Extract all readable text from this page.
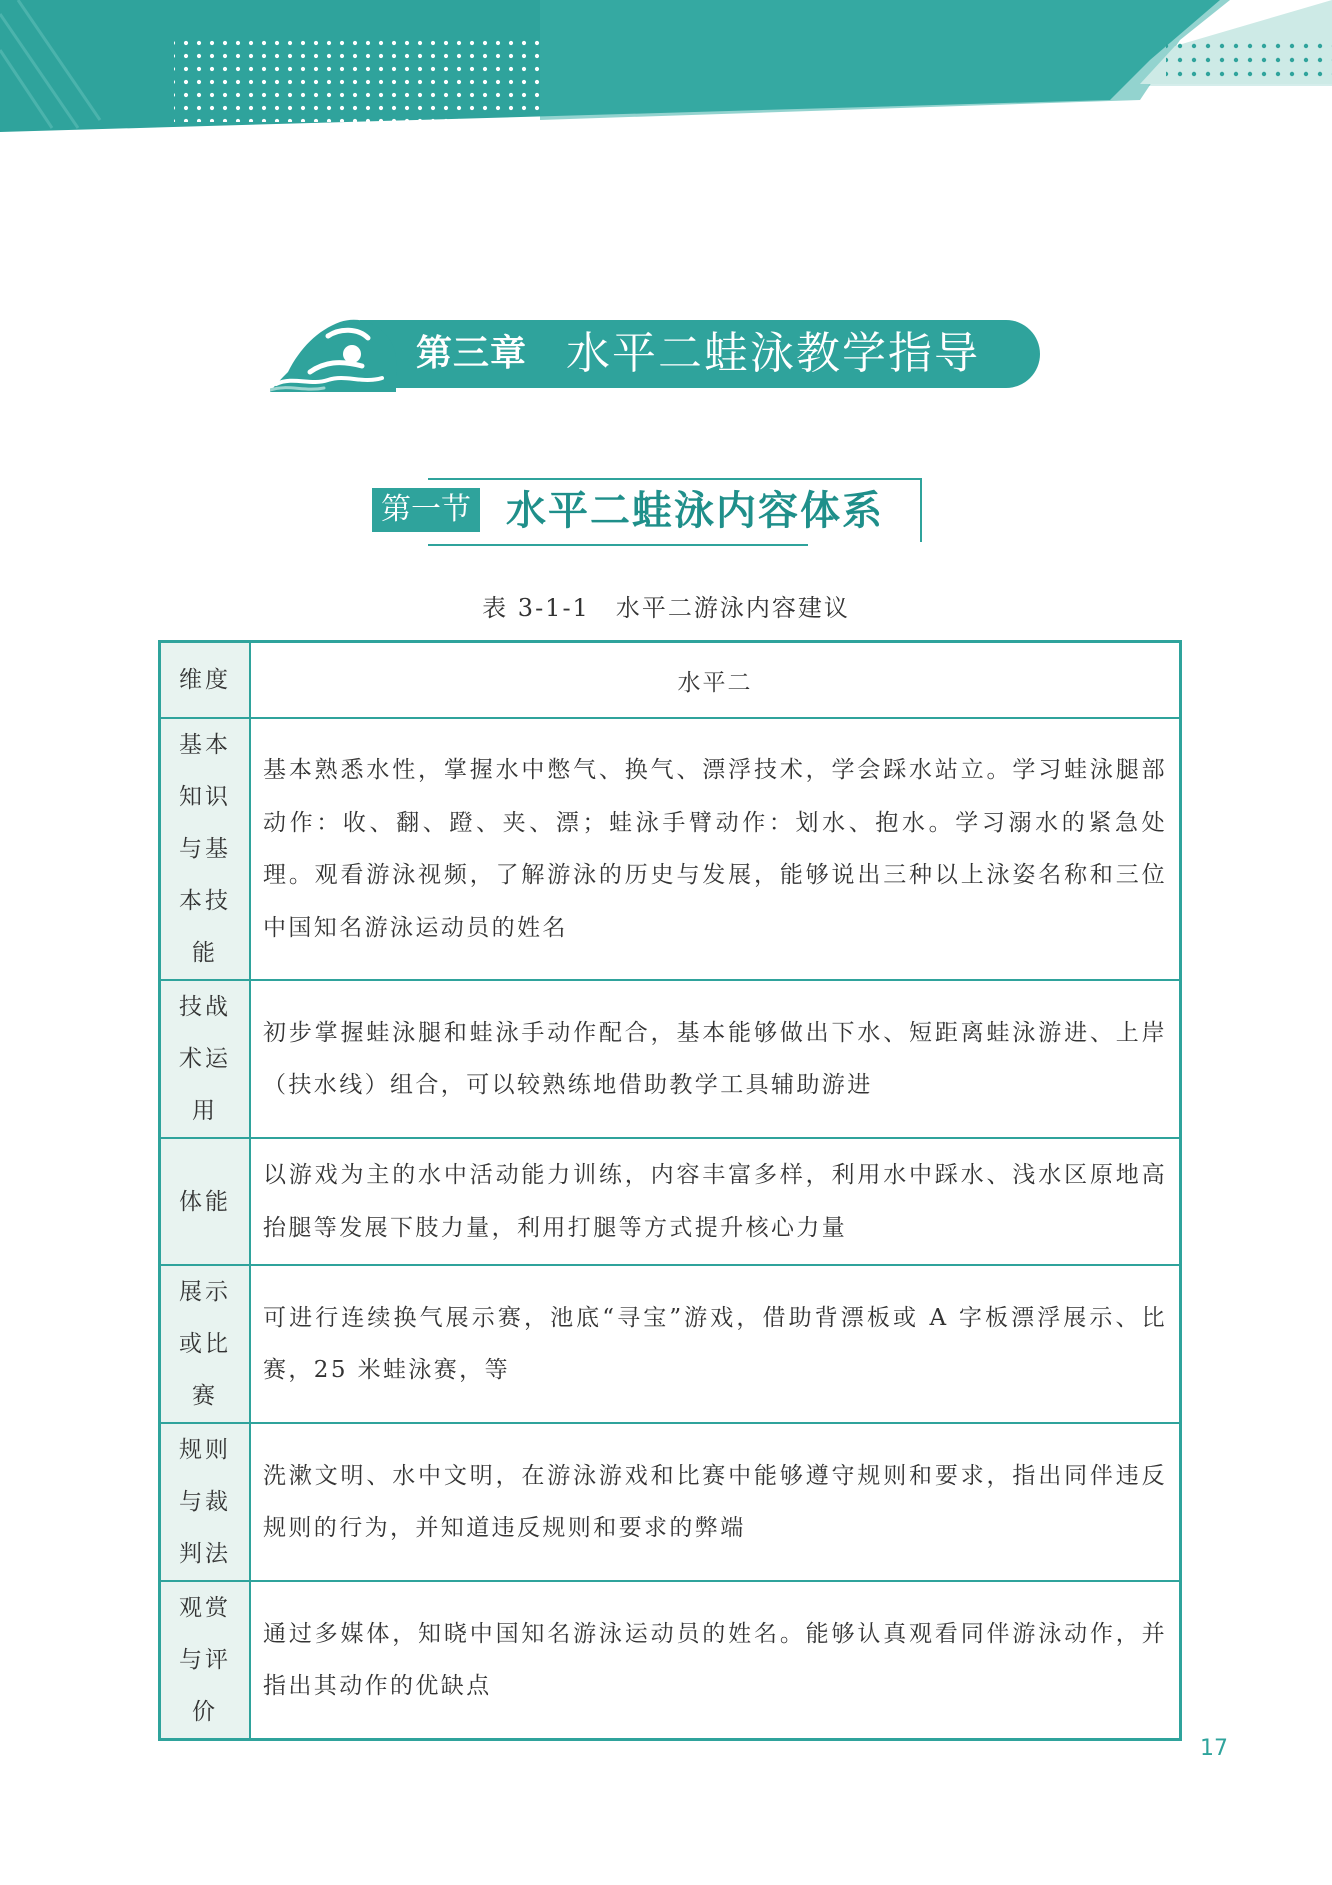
第三章 水平二蛙泳教学指导
第一节 水平二蛙泳内容体系
表 3-1-1　水平二游泳内容建议
维度	水平二
基本知识与基本技能	基本熟悉水性，掌握水中憋气、换气、漂浮技术，学会踩水站立。学习蛙泳腿部动作：收、翻、蹬、夹、漂；蛙泳手臂动作：划水、抱水。学习溺水的紧急处理。观看游泳视频，了解游泳的历史与发展，能够说出三种以上泳姿名称和三位中国知名游泳运动员的姓名
技战术运用	初步掌握蛙泳腿和蛙泳手动作配合，基本能够做出下水、短距离蛙泳游进、上岸（扶水线）组合，可以较熟练地借助教学工具辅助游进
体能	以游戏为主的水中活动能力训练，内容丰富多样，利用水中踩水、浅水区原地高抬腿等发展下肢力量，利用打腿等方式提升核心力量
展示或比赛	可进行连续换气展示赛，池底“寻宝”游戏，借助背漂板或 A 字板漂浮展示、比赛，25 米蛙泳赛，等
规则与裁判法	洗漱文明、水中文明，在游泳游戏和比赛中能够遵守规则和要求，指出同伴违反规则的行为，并知道违反规则和要求的弊端
观赏与评价	通过多媒体，知晓中国知名游泳运动员的姓名。能够认真观看同伴游泳动作，并指出其动作的优缺点
17
